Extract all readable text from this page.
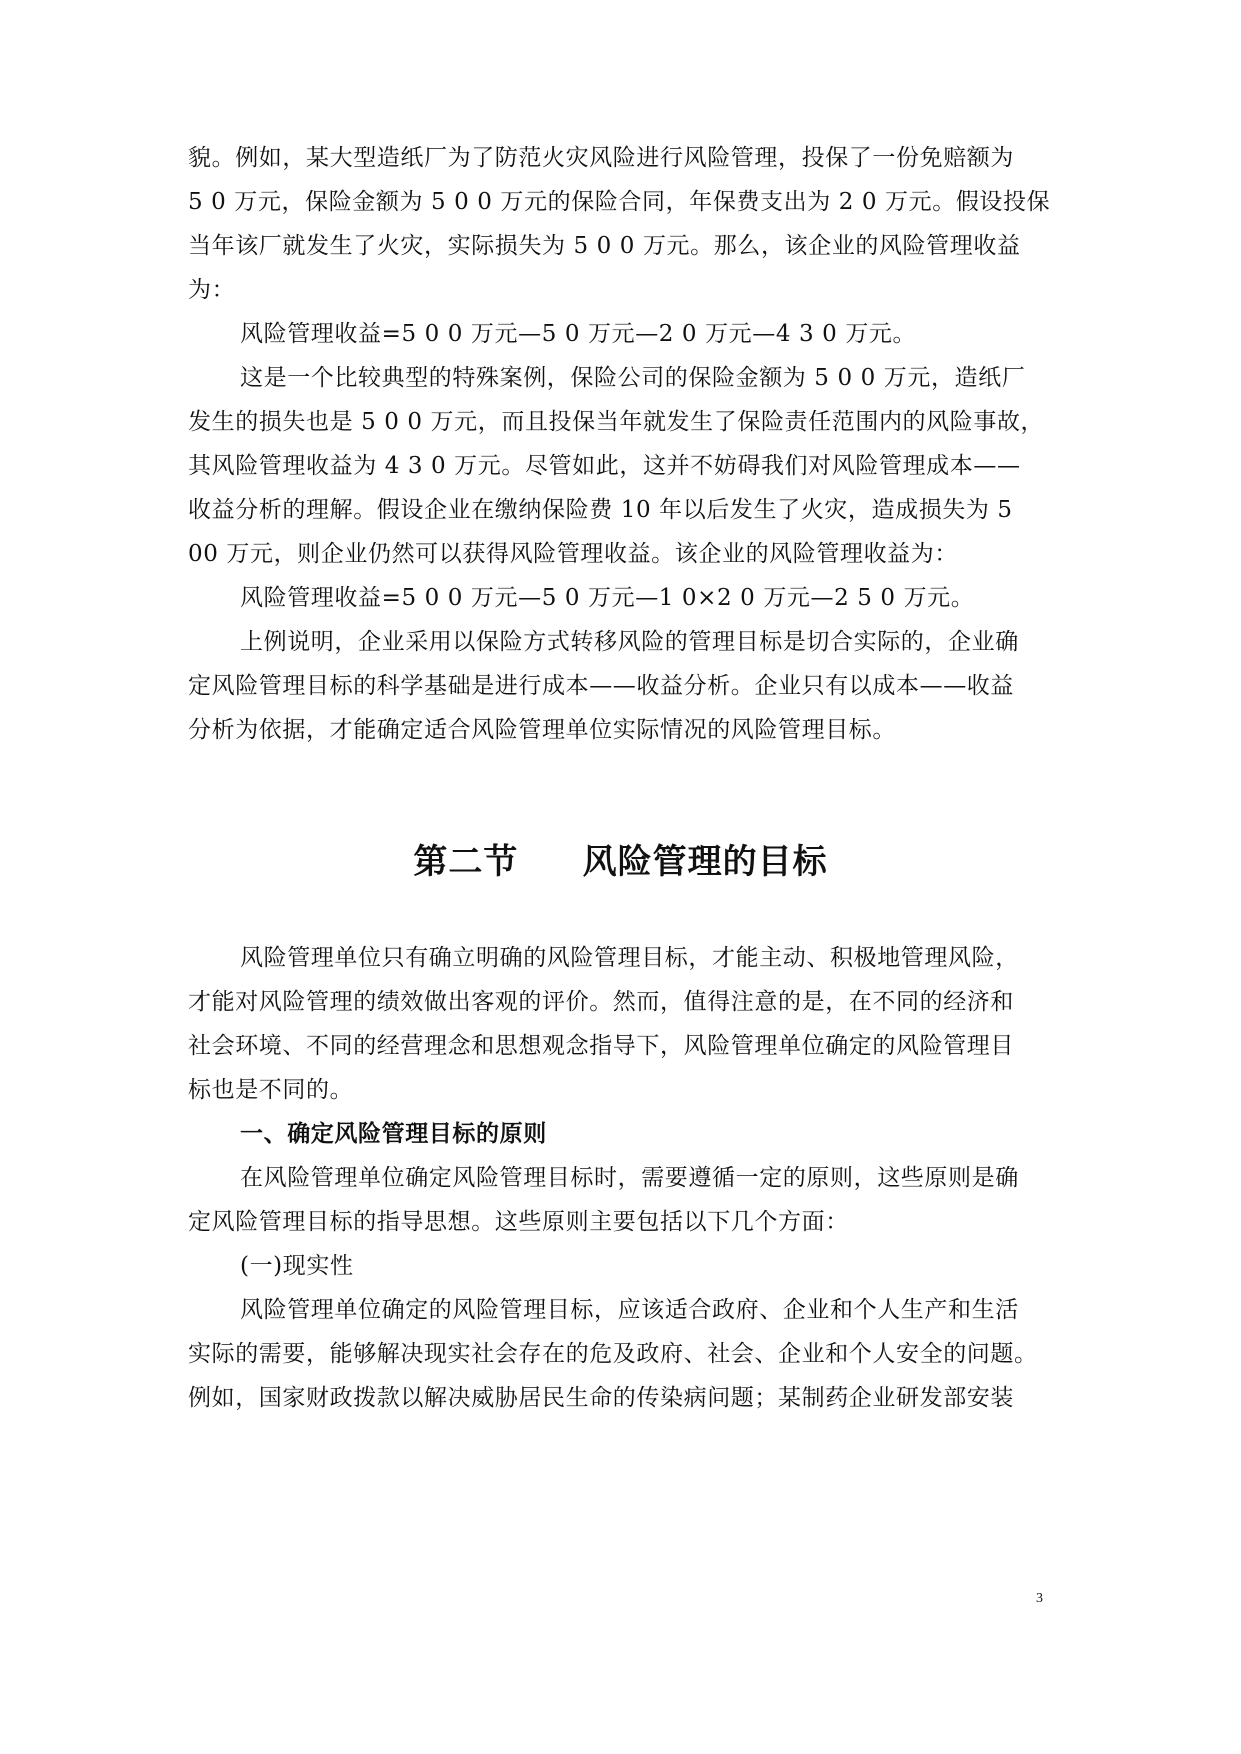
貌。例如，某大型造纸厂为了防范火灾风险进行风险管理，投保了一份免赔额为
5 0 万元，保险金额为 5 0 0 万元的保险合同，年保费支出为 2 0 万元。假设投保
当年该厂就发生了火灾，实际损失为 5 0 0 万元。那么，该企业的风险管理收益
为：
风险管理收益=5 0 0 万元—5 0 万元—2 0 万元—4 3 0 万元。
这是一个比较典型的特殊案例，保险公司的保险金额为 5 0 0 万元，造纸厂
发生的损失也是 5 0 0 万元，而且投保当年就发生了保险责任范围内的风险事故，
其风险管理收益为 4 3 0 万元。尽管如此，这并不妨碍我们对风险管理成本——
收益分析的理解。假设企业在缴纳保险费 10 年以后发生了火灾，造成损失为 5
00 万元，则企业仍然可以获得风险管理收益。该企业的风险管理收益为：
风险管理收益=5 0 0 万元—5 0 万元—1 0×2 0 万元—2 5 0 万元。
上例说明，企业采用以保险方式转移风险的管理目标是切合实际的，企业确
定风险管理目标的科学基础是进行成本——收益分析。企业只有以成本——收益
分析为依据，才能确定适合风险管理单位实际情况的风险管理目标。
第二节     风险管理的目标
风险管理单位只有确立明确的风险管理目标，才能主动、积极地管理风险，
才能对风险管理的绩效做出客观的评价。然而，值得注意的是，在不同的经济和
社会环境、不同的经营理念和思想观念指导下，风险管理单位确定的风险管理目
标也是不同的。
一、确定风险管理目标的原则
在风险管理单位确定风险管理目标时，需要遵循一定的原则，这些原则是确
定风险管理目标的指导思想。这些原则主要包括以下几个方面：
(一)现实性
风险管理单位确定的风险管理目标，应该适合政府、企业和个人生产和生活
实际的需要，能够解决现实社会存在的危及政府、社会、企业和个人安全的问题。
例如，国家财政拨款以解决威胁居民生命的传染病问题；某制药企业研发部安装
3
